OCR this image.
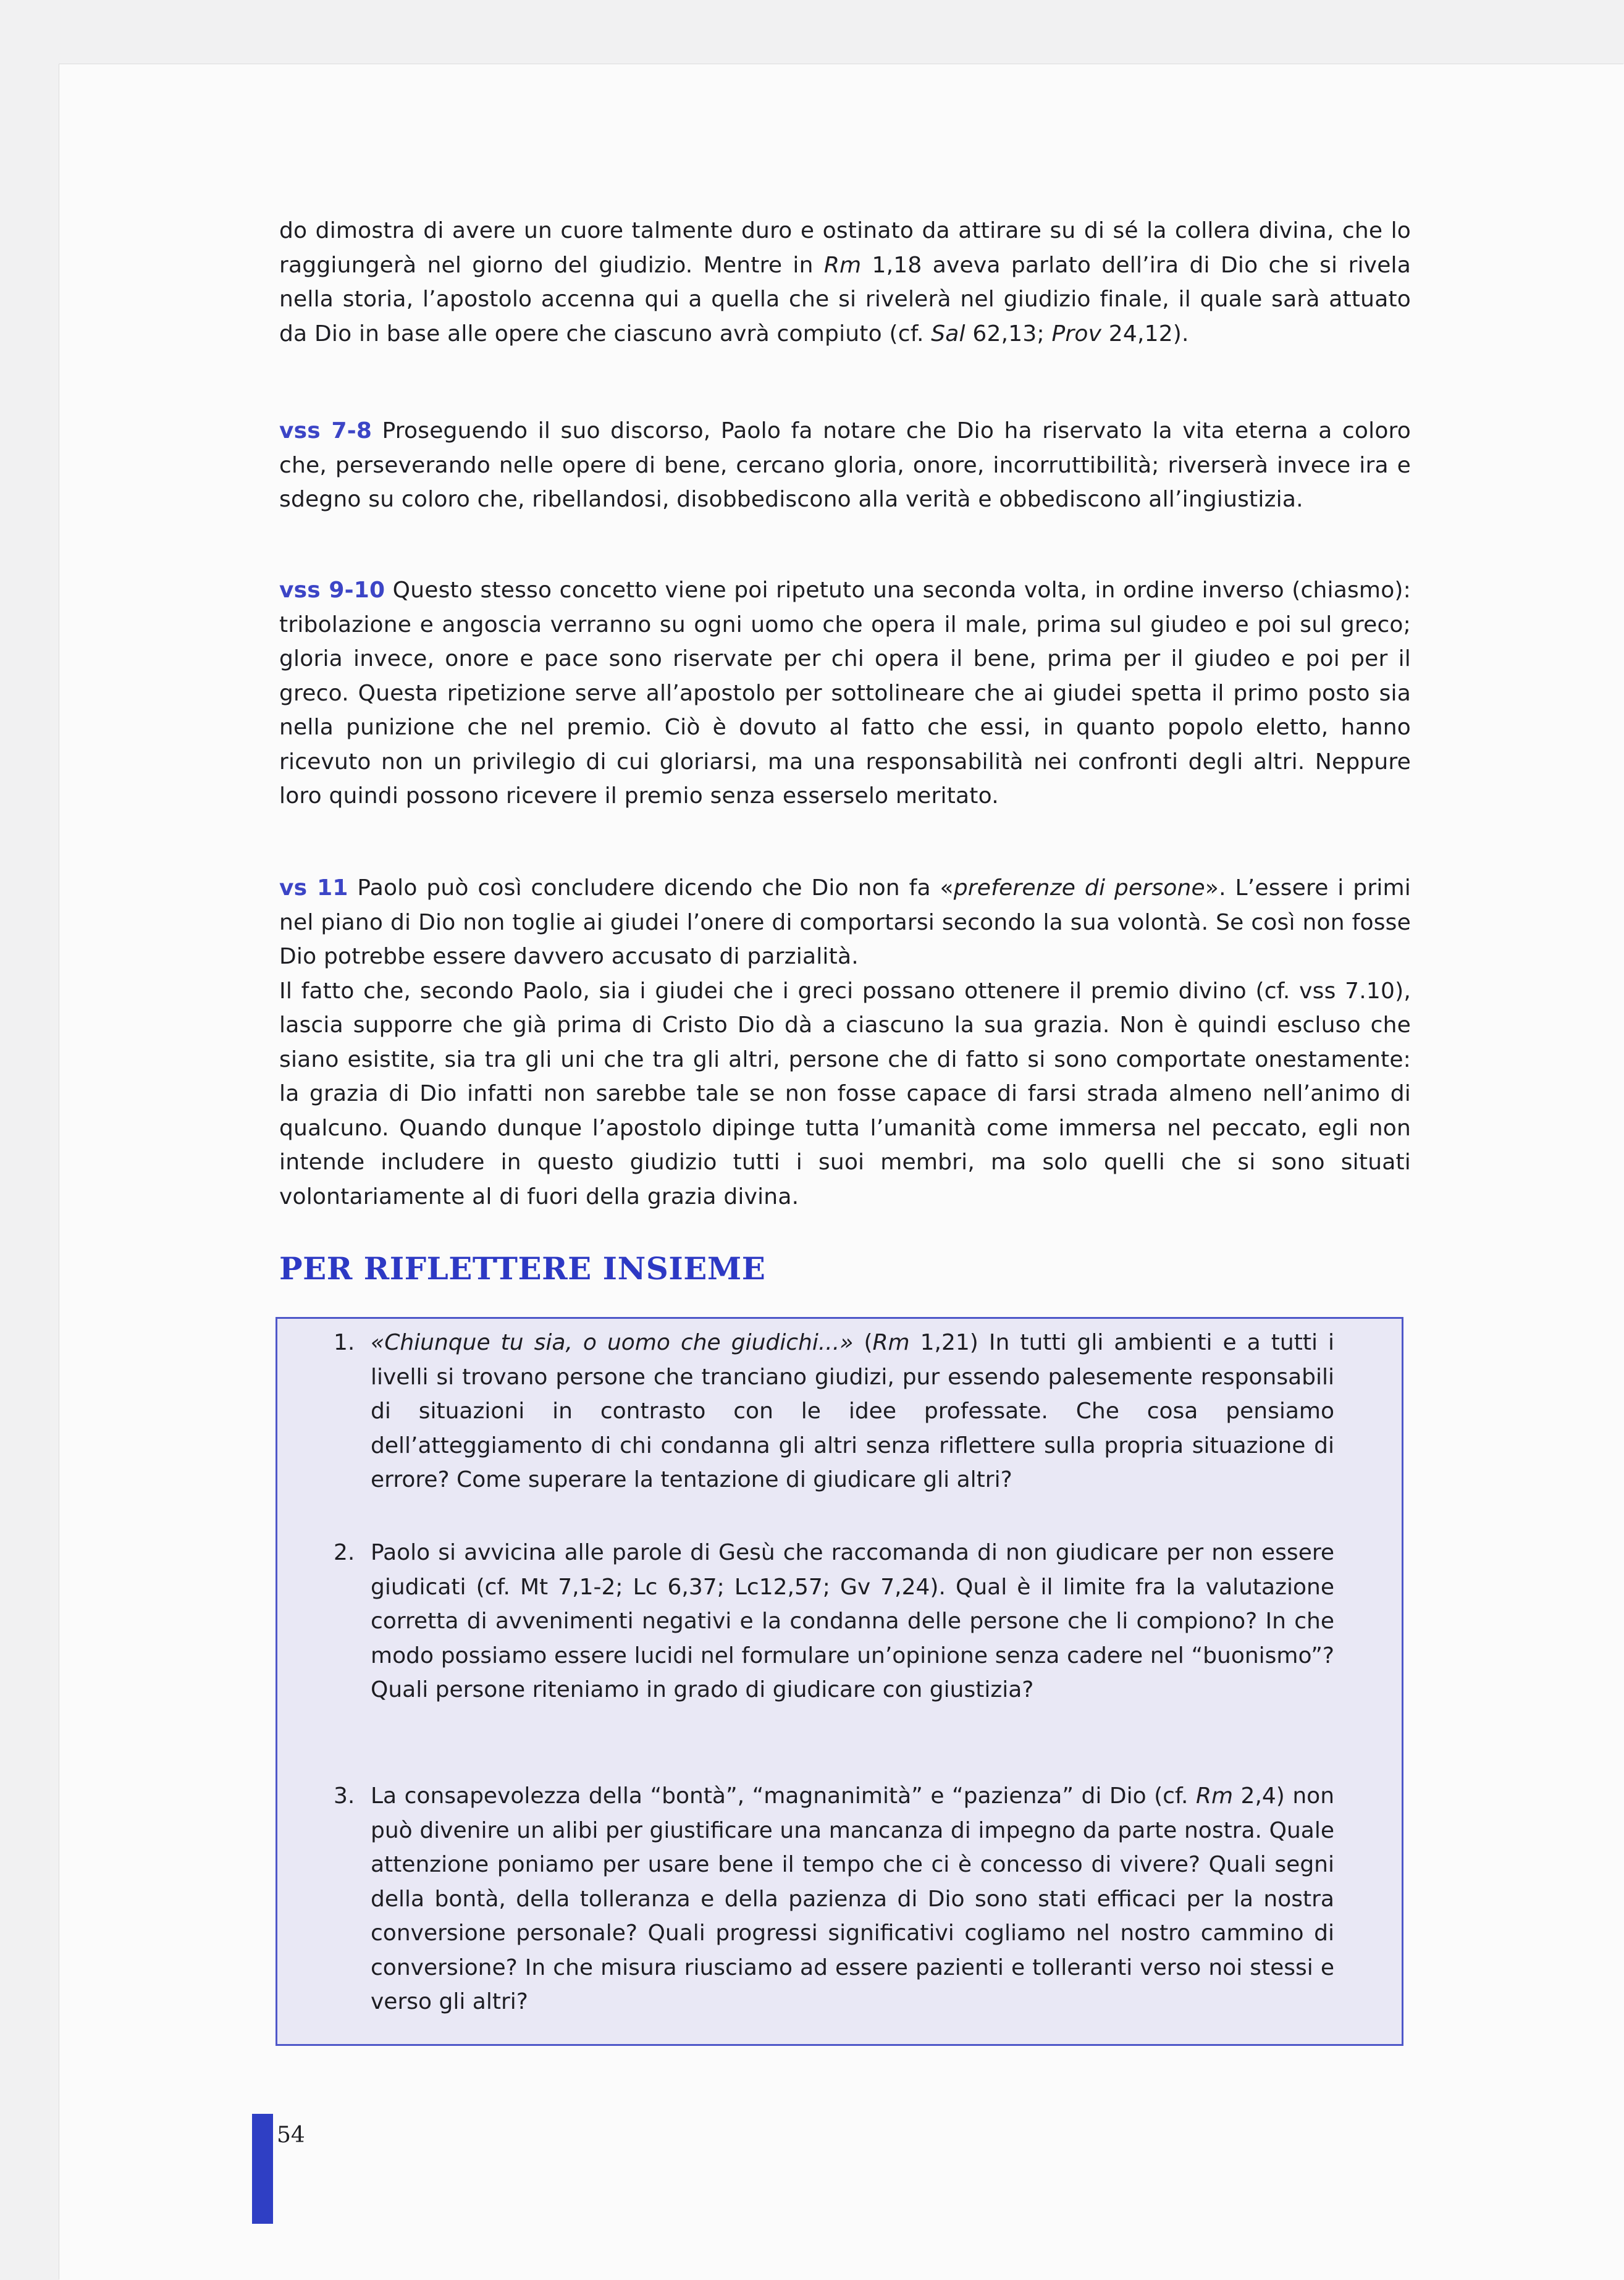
do dimostra di avere un cuore talmente duro e ostinato da attirare su di sé la collera divina, che lo raggiungerà nel giorno del giudizio. Mentre in Rm 1,18 aveva parlato dell’ira di Dio che si rivela nella storia, l’apostolo accenna qui a quella che si rivelerà nel giudizio finale, il quale sarà attuato da Dio in base alle opere che ciascuno avrà compiuto (cf. Sal 62,13; Prov 24,12).
vss 7-8 Proseguendo il suo discorso, Paolo fa notare che Dio ha riservato la vita eterna a coloro che, perseverando nelle opere di bene, cercano gloria, onore, incorruttibilità; riverserà invece ira e sdegno su coloro che, ribellandosi, disobbediscono alla verità e obbediscono all’ingiustizia.
vss 9-10 Questo stesso concetto viene poi ripetuto una seconda volta, in ordine inverso (chiasmo): tribolazione e angoscia verranno su ogni uomo che opera il male, prima sul giudeo e poi sul greco; gloria invece, onore e pace sono riservate per chi opera il bene, prima per il giudeo e poi per il greco. Questa ripetizione serve all’apostolo per sottolineare che ai giudei spetta il primo posto sia nella punizione che nel premio. Ciò è dovuto al fatto che essi, in quanto popolo eletto, hanno ricevuto non un privilegio di cui gloriarsi, ma una responsabilità nei confronti degli altri. Neppure loro quindi possono ricevere il premio senza esserselo meritato.
vs 11 Paolo può così concludere dicendo che Dio non fa «preferenze di persone». L’essere i primi nel piano di Dio non toglie ai giudei l’onere di comportarsi secondo la sua volontà. Se così non fosse Dio potrebbe essere davvero accusato di parzialità.
Il fatto che, secondo Paolo, sia i giudei che i greci possano ottenere il premio divino (cf. vss 7.10), lascia supporre che già prima di Cristo Dio dà a ciascuno la sua grazia. Non è quindi escluso che siano esistite, sia tra gli uni che tra gli altri, persone che di fatto si sono comportate onestamente: la grazia di Dio infatti non sarebbe tale se non fosse capace di farsi strada almeno nell’animo di qualcuno. Quando dunque l’apostolo dipinge tutta l’umanità come immersa nel peccato, egli non intende includere in questo giudizio tutti i suoi membri, ma solo quelli che si sono situati volontariamente al di fuori della grazia divina.
PER RIFLETTERE INSIEME
1. «Chiunque tu sia, o uomo che giudichi...» (Rm 1,21) In tutti gli ambienti e a tutti i livelli si trovano persone che tranciano giudizi, pur essendo palesemente responsabili di situazioni in contrasto con le idee professate. Che cosa pensiamo dell’atteggiamento di chi condanna gli altri senza riflettere sulla propria situazione di errore? Come superare la tentazione di giudicare gli altri?
2. Paolo si avvicina alle parole di Gesù che raccomanda di non giudicare per non essere giudicati (cf. Mt 7,1-2; Lc 6,37; Lc12,57; Gv 7,24). Qual è il limite fra la valutazione corretta di avvenimenti negativi e la condanna delle persone che li compiono? In che modo possiamo essere lucidi nel formulare un’opinione senza cadere nel “buonismo”? Quali persone riteniamo in grado di giudicare con giustizia?
3. La consapevolezza della “bontà”, “magnanimità” e “pazienza” di Dio (cf. Rm 2,4) non può divenire un alibi per giustificare una mancanza di impegno da parte nostra. Quale attenzione poniamo per usare bene il tempo che ci è concesso di vivere? Quali segni della bontà, della tolleranza e della pazienza di Dio sono stati efficaci per la nostra conversione personale? Quali progressi significativi cogliamo nel nostro cammino di conversione? In che misura riusciamo ad essere pazienti e tolleranti verso noi stessi e verso gli altri?
54
